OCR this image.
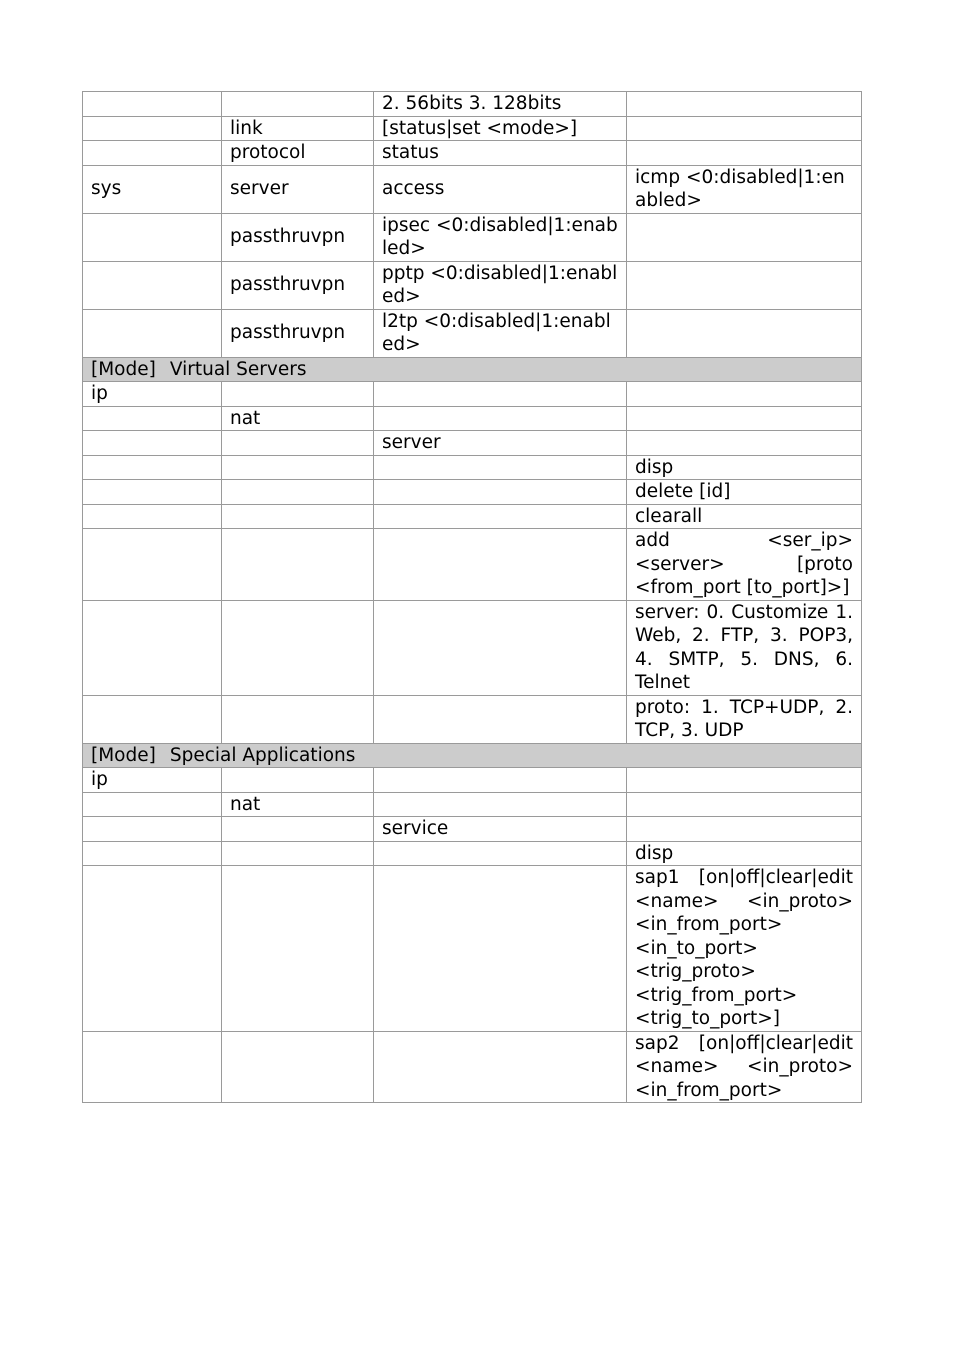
		2. 56bits 3. 128bits	
	link	[status|set <mode>]	
	protocol	status	
sys	server	access	icmp <0:disabled|1:enabled>
	passthruvpn	ipsec <0:disabled|1:enabled>	
	passthruvpn	pptp <0:disabled|1:enabled>	
	passthruvpn	l2tp <0:disabled|1:enabled>	
[Mode] Virtual Servers			
ip			
	nat		
		server	
			disp
			delete [id]
			clearall
			add <ser_ip> <server> [proto <from_port [to_port]>]
			server: 0. Customize 1. Web, 2. FTP, 3. POP3, 4. SMTP, 5. DNS, 6. Telnet
			proto: 1. TCP+UDP, 2. TCP, 3. UDP
[Mode] Special Applications			
ip			
	nat		
		service	
			disp
			sap1 [on|off|clear|edit <name> <in_proto> <in_from_port> <in_to_port> <trig_proto> <trig_from_port> <trig_to_port>]
			sap2 [on|off|clear|edit <name> <in_proto> <in_from_port>
